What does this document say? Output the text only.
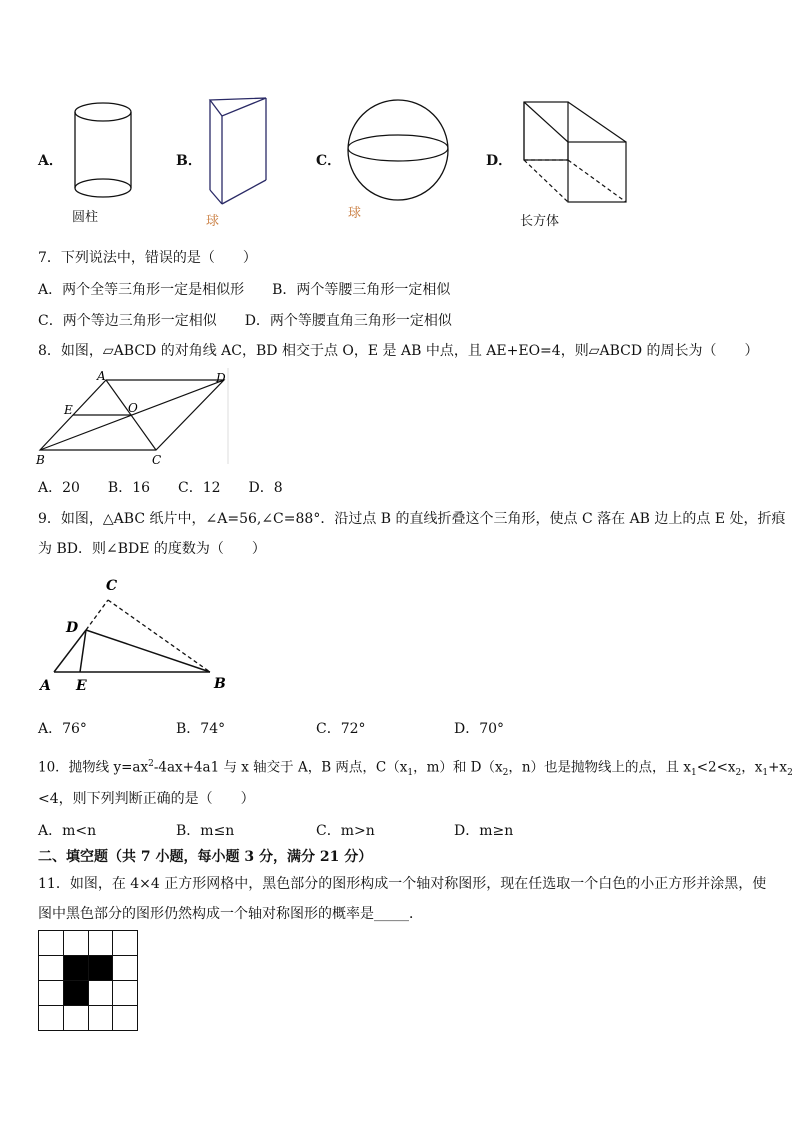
A．
圆柱
B．
球
C．
球
D．
长方体
7．下列说法中，错误的是（　　）
A．两个全等三角形一定是相似形　　B．两个等腰三角形一定相似
C．两个等边三角形一定相似　　D．两个等腰直角三角形一定相似
8．如图，▱ABCD 的对角线 AC，BD 相交于点 O，E 是 AB 中点，且 AE+EO=4，则▱ABCD 的周长为（　　）
A	D
E	O
B	C
A．20　　B．16　　C．12　　D．8
9．如图，△ABC 纸片中，∠A=56,∠C=88°．沿过点 B 的直线折叠这个三角形，使点 C 落在 AB 边上的点 E 处，折痕
为 BD．则∠BDE 的度数为（　　）
C
D
A E	B
A．76°	B．74°	C．72°	D．70°
10．抛物线 $y=ax^2-4ax+4a1$ 与 x 轴交于 A，B 两点，$C(x_1$，m）和 $D(x_2$，n）也是抛物线上的点，且 $x_1<2<x_2$，$x_1+x_2$
<4，则下列判断正确的是（　　）
A．m<n	B．m≤n	C．m>n	D．m≥n
二、填空题（共 7 小题，每小题 3 分，满分 21 分）
11．如图，在 4×4 正方形网格中，黑色部分的图形构成一个轴对称图形，现在任选取一个白色的小正方形并涂黑，使
图中黑色部分的图形仍然构成一个轴对称图形的概率是_____．
